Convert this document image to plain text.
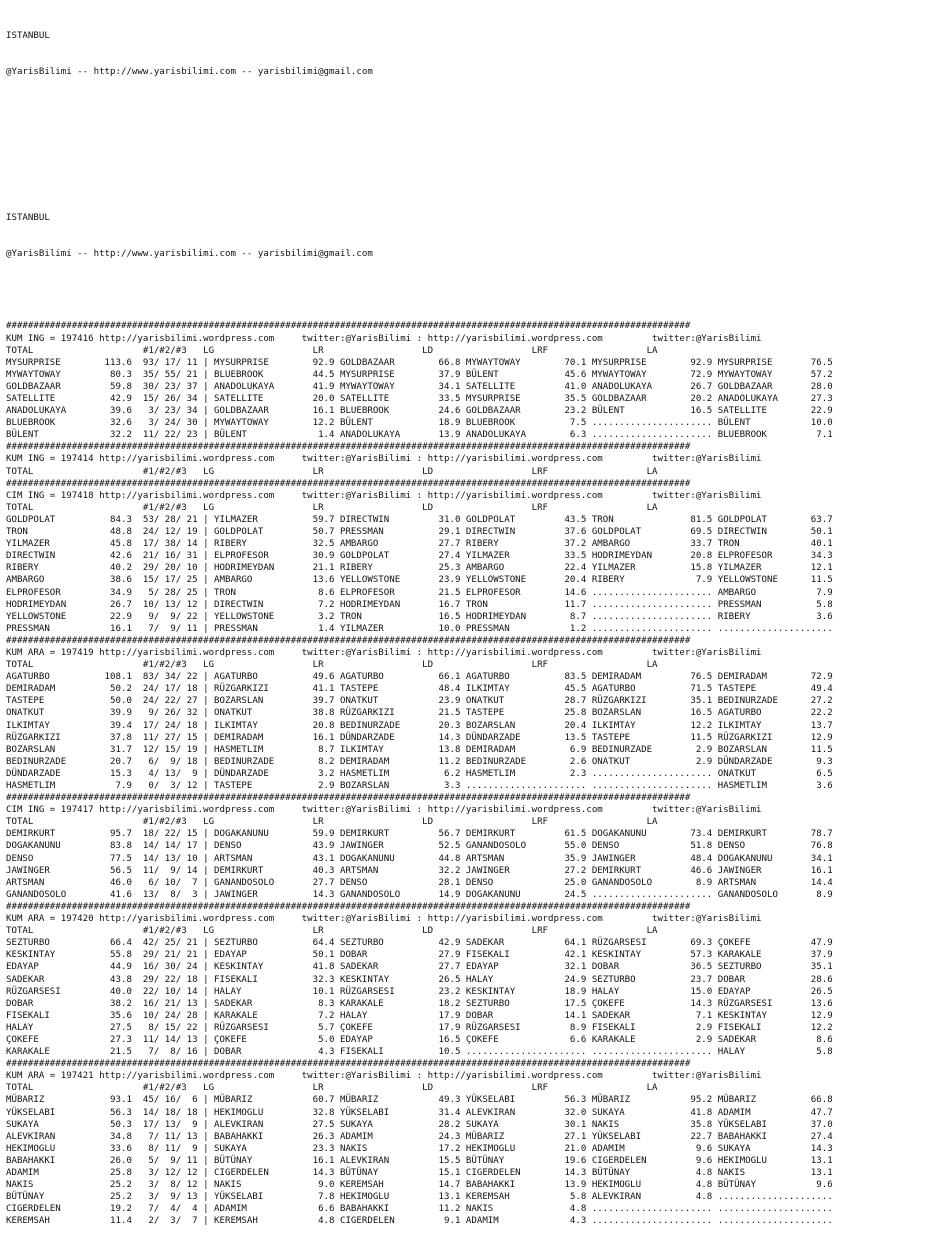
ISTANBUL

@YarisBilimi -- http://www.yarisbilimi.com -- yarisbilimi@gmail.com

ISTANBUL

@YarisBilimi -- http://www.yarisbilimi.com -- yarisbilimi@gmail.com

#############################################################################################################################
KUM ING = 197416 http://yarisbilimi.wordpress.com     twitter:@YarisBilimi : http://yarisbilimi.wordpress.com         twitter:@YarisBilimi
TOTAL                    #1/#2/#3   LG                  LR                  LD                  LRF                  LA
MYSURPRISE        113.6  93/ 17/ 11 | MYSURPRISE        92.9 GOLDBAZAAR        66.8 MYWAYTOWAY        70.1 MYSURPRISE        92.9 MYSURPRISE       76.5
MYWAYTOWAY         80.3  35/ 55/ 21 | BLUEBROOK         44.5 MYSURPRISE        37.9 BÜLENT            45.6 MYWAYTOWAY        72.9 MYWAYTOWAY       57.2
GOLDBAZAAR         59.8  30/ 23/ 37 | ANADOLUKAYA       41.9 MYWAYTOWAY        34.1 SATELLITE         41.0 ANADOLUKAYA       26.7 GOLDBAZAAR       28.0
SATELLITE          42.9  15/ 26/ 34 | SATELLITE         20.0 SATELLITE         33.5 MYSURPRISE        35.5 GOLDBAZAAR        20.2 ANADOLUKAYA      27.3
ANADOLUKAYA        39.6   3/ 23/ 34 | GOLDBAZAAR        16.1 BLUEBROOK         24.6 GOLDBAZAAR        23.2 BÜLENT            16.5 SATELLITE        22.9
BLUEBROOK          32.6   3/ 24/ 30 | MYWAYTOWAY        12.2 BÜLENT            18.9 BLUEBROOK          7.5 ...................... BÜLENT           10.0
BÜLENT             32.2  11/ 22/ 23 | BÜLENT             1.4 ANADOLUKAYA       13.9 ANADOLUKAYA        6.3 ...................... BLUEBROOK         7.1
#############################################################################################################################
KUM ING = 197414 http://yarisbilimi.wordpress.com     twitter:@YarisBilimi : http://yarisbilimi.wordpress.com         twitter:@YarisBilimi
TOTAL                    #1/#2/#3   LG                  LR                  LD                  LRF                  LA
#############################################################################################################################
CIM ING = 197418 http://yarisbilimi.wordpress.com     twitter:@YarisBilimi : http://yarisbilimi.wordpress.com         twitter:@YarisBilimi
TOTAL                    #1/#2/#3   LG                  LR                  LD                  LRF                  LA
GOLDPOLAT          84.3  53/ 28/ 21 | YILMAZER          59.7 DIRECTWIN         31.0 GOLDPOLAT         43.5 TRON              81.5 GOLDPOLAT        63.7
TRON               48.8  24/ 12/ 19 | GOLDPOLAT         50.7 PRESSMAN          29.1 DIRECTWIN         37.6 GOLDPOLAT         69.5 DIRECTWIN        50.1
YILMAZER           45.8  17/ 38/ 14 | RIBERY            32.5 AMBARGO           27.7 RIBERY            37.2 AMBARGO           33.7 TRON             40.1
DIRECTWIN          42.6  21/ 16/ 31 | ELPROFESOR        30.9 GOLDPOLAT         27.4 YILMAZER          33.5 HODRIMEYDAN       20.8 ELPROFESOR       34.3
RIBERY             40.2  29/ 20/ 10 | HODRIMEYDAN       21.1 RIBERY            25.3 AMBARGO           22.4 YILMAZER          15.8 YILMAZER         12.1
AMBARGO            38.6  15/ 17/ 25 | AMBARGO           13.6 YELLOWSTONE       23.9 YELLOWSTONE       20.4 RIBERY             7.9 YELLOWSTONE      11.5
ELPROFESOR         34.9   5/ 28/ 25 | TRON               8.6 ELPROFESOR        21.5 ELPROFESOR        14.6 ...................... AMBARGO           7.9
HODRIMEYDAN        26.7  10/ 13/ 12 | DIRECTWIN          7.2 HODRIMEYDAN       16.7 TRON              11.7 ...................... PRESSMAN          5.8
YELLOWSTONE        22.9   9/  9/ 22 | YELLOWSTONE        3.2 TRON              16.5 HODRIMEYDAN        8.7 ...................... RIBERY            3.6
PRESSMAN           16.1   7/  9/ 11 | PRESSMAN           1.4 YILMAZER          10.0 PRESSMAN           1.2 ...................... .....................
#############################################################################################################################
KUM ARA = 197419 http://yarisbilimi.wordpress.com     twitter:@YarisBilimi : http://yarisbilimi.wordpress.com         twitter:@YarisBilimi
TOTAL                    #1/#2/#3   LG                  LR                  LD                  LRF                  LA
AGATURBO          108.1  83/ 34/ 22 | AGATURBO          49.6 AGATURBO          66.1 AGATURBO          83.5 DEMIRADAM         76.5 DEMIRADAM        72.9
DEMIRADAM          50.2  24/ 17/ 18 | RÜZGARKIZI        41.1 TASTEPE           48.4 ILKIMTAY          45.5 AGATURBO          71.5 TASTEPE          49.4
TASTEPE            50.0  24/ 22/ 27 | BOZARSLAN         39.7 ONATKUT           23.9 ONATKUT           28.7 RÜZGARKIZI        35.1 BEDINURZADE      27.2
ONATKUT            39.9   9/ 26/ 32 | ONATKUT           38.8 RÜZGARKIZI        21.5 TASTEPE           25.8 BOZARSLAN         16.5 AGATURBO         22.2
ILKIMTAY           39.4  17/ 24/ 18 | ILKIMTAY          20.8 BEDINURZADE       20.3 BOZARSLAN         20.4 ILKIMTAY          12.2 ILKIMTAY         13.7
RÜZGARKIZI         37.8  11/ 27/ 15 | DEMIRADAM         16.1 DÜNDARZADE        14.3 DÜNDARZADE        13.5 TASTEPE           11.5 RÜZGARKIZI       12.9
BOZARSLAN          31.7  12/ 15/ 19 | HASMETLIM          8.7 ILKIMTAY          13.8 DEMIRADAM          6.9 BEDINURZADE        2.9 BOZARSLAN        11.5
BEDINURZADE        20.7   6/  9/ 18 | BEDINURZADE        8.2 DEMIRADAM         11.2 BEDINURZADE        2.6 ONATKUT            2.9 DÜNDARZADE        9.3
DÜNDARZADE         15.3   4/ 13/  9 | DÜNDARZADE         3.2 HASMETLIM          6.2 HASMETLIM          2.3 ...................... ONATKUT           6.5
HASMETLIM           7.9   0/  3/ 12 | TASTEPE            2.9 BOZARSLAN          3.3 ...................... ...................... HASMETLIM         3.6
#############################################################################################################################
CIM ING = 197417 http://yarisbilimi.wordpress.com     twitter:@YarisBilimi : http://yarisbilimi.wordpress.com         twitter:@YarisBilimi
TOTAL                    #1/#2/#3   LG                  LR                  LD                  LRF                  LA
DEMIRKURT          95.7  18/ 22/ 15 | DOGAKANUNU        59.9 DEMIRKURT         56.7 DEMIRKURT         61.5 DOGAKANUNU        73.4 DEMIRKURT        78.7
DOGAKANUNU         83.8  14/ 14/ 17 | DENSO             43.9 JAWINGER          52.5 GANANDOSOLO       55.0 DENSO             51.8 DENSO            76.8
DENSO              77.5  14/ 13/ 10 | ARTSMAN           43.1 DOGAKANUNU        44.8 ARTSMAN           35.9 JAWINGER          48.4 DOGAKANUNU       34.1
JAWINGER           56.5  11/  9/ 14 | DEMIRKURT         40.3 ARTSMAN           32.2 JAWINGER          27.2 DEMIRKURT         46.6 JAWINGER         16.1
ARTSMAN            46.0   6/ 10/  7 | GANANDOSOLO       27.7 DENSO             28.1 DENSO             25.0 GANANDOSOLO        8.9 ARTSMAN          14.4
GANANDOSOLO        41.6  13/  8/  3 | JAWINGER          14.3 GANANDOSOLO       14.9 DOGAKANUNU        24.5 ...................... GANANDOSOLO       8.9
#############################################################################################################################
KUM ARA = 197420 http://yarisbilimi.wordpress.com     twitter:@YarisBilimi : http://yarisbilimi.wordpress.com         twitter:@YarisBilimi
TOTAL                    #1/#2/#3   LG                  LR                  LD                  LRF                  LA
SEZTURBO           66.4  42/ 25/ 21 | SEZTURBO          64.4 SEZTURBO          42.9 SADEKAR           64.1 RÜZGARSESI        69.3 ÇOKEFE           47.9
KESKINTAY          55.8  29/ 21/ 21 | EDAYAP            50.1 DOBAR             27.9 FISEKALI          42.1 KESKINTAY         57.3 KARAKALE         37.9
EDAYAP             44.9  16/ 30/ 24 | KESKINTAY         41.8 SADEKAR           27.7 EDAYAP            32.1 DOBAR             36.5 SEZTURBO         35.1
SADEKAR            43.8  29/ 22/ 18 | FISEKALI          32.3 KESKINTAY         26.5 HALAY             24.9 SEZTURBO          23.7 DOBAR            28.6
RÜZGARSESI         40.0  22/ 10/ 14 | HALAY             10.1 RÜZGARSESI        23.2 KESKINTAY         18.9 HALAY             15.0 EDAYAP           26.5
DOBAR              38.2  16/ 21/ 13 | SADEKAR            8.3 KARAKALE          18.2 SEZTURBO          17.5 ÇOKEFE            14.3 RÜZGARSESI       13.6
FISEKALI           35.6  10/ 24/ 28 | KARAKALE           7.2 HALAY             17.9 DOBAR             14.1 SADEKAR            7.1 KESKINTAY        12.9
HALAY              27.5   8/ 15/ 22 | RÜZGARSESI         5.7 ÇOKEFE            17.9 RÜZGARSESI         8.9 FISEKALI           2.9 FISEKALI         12.2
ÇOKEFE             27.3  11/ 14/ 13 | ÇOKEFE             5.0 EDAYAP            16.5 ÇOKEFE             6.6 KARAKALE           2.9 SADEKAR           8.6
KARAKALE           21.5   7/  8/ 16 | DOBAR              4.3 FISEKALI          10.5 ...................... ...................... HALAY             5.8
#############################################################################################################################
KUM ARA = 197421 http://yarisbilimi.wordpress.com     twitter:@YarisBilimi : http://yarisbilimi.wordpress.com         twitter:@YarisBilimi
TOTAL                    #1/#2/#3   LG                  LR                  LD                  LRF                  LA
MÜBARIZ            93.1  45/ 16/  6 | MÜBARIZ           60.7 MÜBARIZ           49.3 YÜKSELABI         56.3 MÜBARIZ           95.2 MÜBARIZ          66.8
YÜKSELABI          56.3  14/ 18/ 18 | HEKIMOGLU         32.8 YÜKSELABI         31.4 ALEVKIRAN         32.0 SUKAYA            41.8 ADAMIM           47.7
SUKAYA             50.3  17/ 13/  9 | ALEVKIRAN         27.5 SUKAYA            28.2 SUKAYA            30.1 NAKIS             35.8 YÜKSELABI        37.0
ALEVKIRAN          34.8   7/ 11/ 13 | BABAHAKKI         26.3 ADAMIM            24.3 MÜBARIZ           27.1 YÜKSELABI         22.7 BABAHAKKI        27.4
HEKIMOGLU          33.6   8/ 11/  9 | SUKAYA            23.3 NAKIS             17.2 HEKIMOGLU         21.0 ADAMIM             9.6 SUKAYA           14.3
BABAHAKKI          26.0   5/  9/ 11 | BÜTÜNAY           16.1 ALEVKIRAN         15.5 BÜTÜNAY           19.6 CIGERDELEN         9.6 HEKIMOGLU        13.1
ADAMIM             25.8   3/ 12/ 12 | CIGERDELEN        14.3 BÜTÜNAY           15.1 CIGERDELEN        14.3 BÜTÜNAY            4.8 NAKIS            13.1
NAKIS              25.2   3/  8/ 12 | NAKIS              9.0 KEREMSAH          14.7 BABAHAKKI         13.9 HEKIMOGLU          4.8 BÜTÜNAY           9.6
BÜTÜNAY            25.2   3/  9/ 13 | YÜKSELABI          7.8 HEKIMOGLU         13.1 KEREMSAH           5.8 ALEVKIRAN          4.8 .....................
CIGERDELEN         19.2   7/  4/  4 | ADAMIM             6.6 BABAHAKKI         11.2 NAKIS              4.8 ...................... .....................
KEREMSAH           11.4   2/  3/  7 | KEREMSAH           4.8 CIGERDELEN         9.1 ADAMIM             4.3 ...................... .....................
